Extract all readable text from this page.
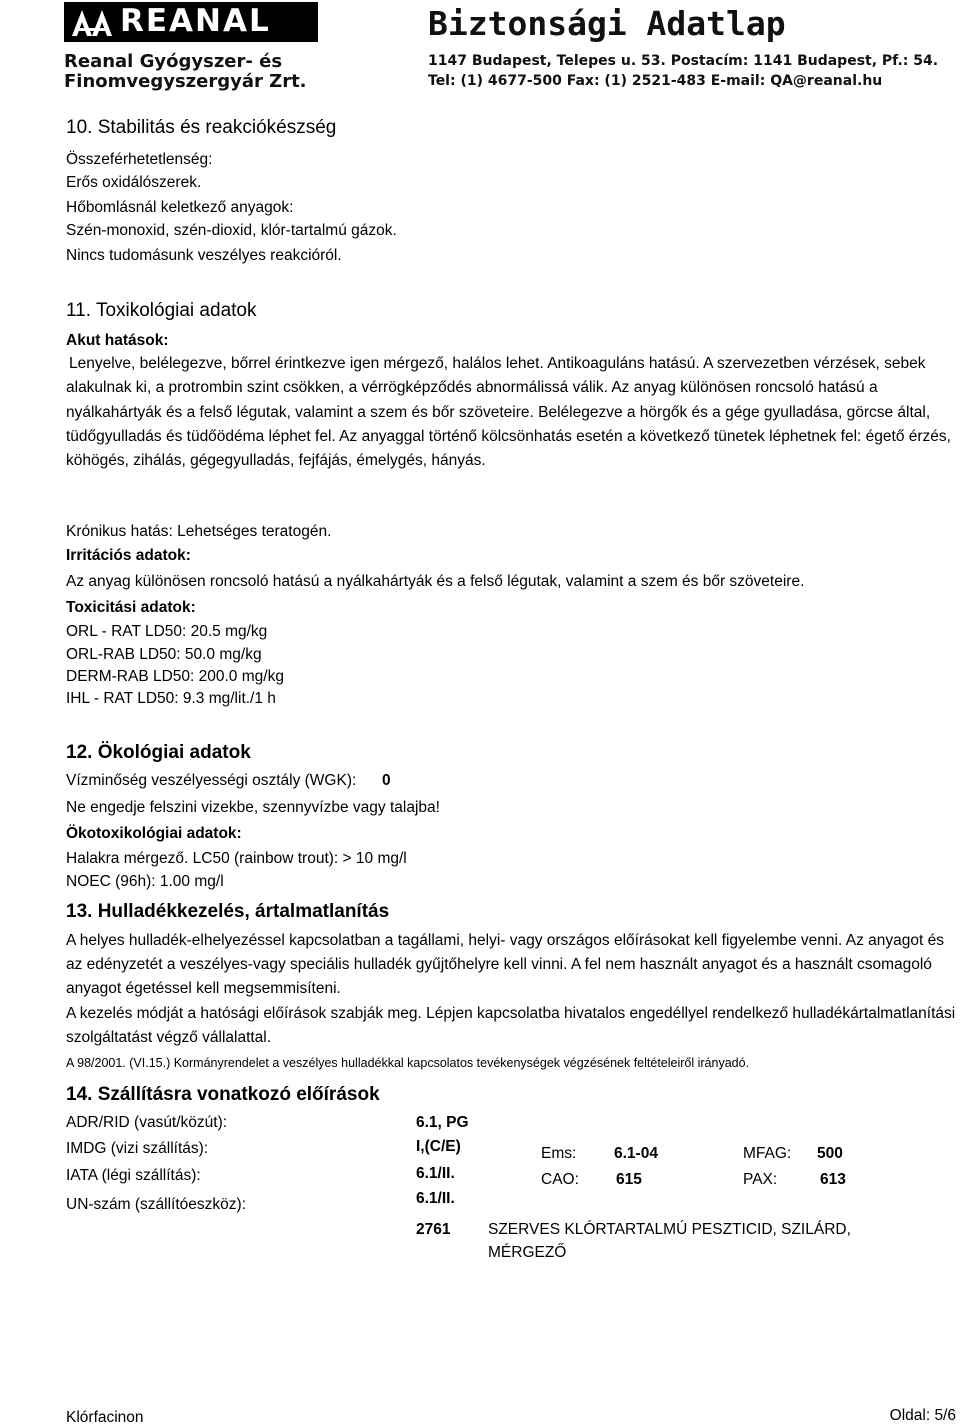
REANAL
Reanal Gyógyszer- és
Finomvegyszergyár Zrt.
Biztonsági Adatlap
1147 Budapest, Telepes u. 53. Postacím: 1141 Budapest, Pf.: 54.
Tel: (1) 4677-500 Fax: (1) 2521-483 E-mail: QA@reanal.hu
10. Stabilitás és reakciókészség
Összeférhetetlenség:
Erős oxidálószerek.
Hőbomlásnál keletkező anyagok:
Szén-monoxid, szén-dioxid, klór-tartalmú gázok.
Nincs tudomásunk veszélyes reakcióról.
11. Toxikológiai adatok
Akut hatások:
Lenyelve, belélegezve, bőrrel érintkezve igen mérgező, halálos lehet. Antikoaguláns hatású. A szervezetben vérzések, sebek alakulnak ki, a protrombin szint csökken, a vérrögképződés abnormálissá válik. Az anyag különösen roncsoló hatású a nyálkahártyák és a felső légutak, valamint a szem és bőr szöveteire. Belélegezve a hörgők és a gége gyulladása, görcse által, tüdőgyulladás és tüdőödéma léphet fel. Az anyaggal történő kölcsönhatás esetén a következő tünetek léphetnek fel: égető érzés, köhögés, zihálás, gégegyulladás, fejfájás, émelygés, hányás.
Krónikus hatás: Lehetséges teratogén.
Irritációs adatok:
Az anyag különösen roncsoló hatású a nyálkahártyák és a felső légutak, valamint a szem és bőr szöveteire.
Toxicitási adatok:
ORL - RAT LD50: 20.5 mg/kg
ORL-RAB LD50: 50.0 mg/kg
DERM-RAB LD50: 200.0 mg/kg
IHL - RAT LD50: 9.3 mg/lit./1 h
12. Ökológiai adatok
Vízminőség veszélyességi osztály (WGK): 0
Ne engedje felszini vizekbe, szennyvízbe vagy talajba!
Ökotoxikológiai adatok:
Halakra mérgező. LC50 (rainbow trout): > 10 mg/l
NOEC (96h): 1.00 mg/l
13. Hulladékkezelés, ártalmatlanítás
A helyes hulladék-elhelyezéssel kapcsolatban a tagállami, helyi- vagy országos előírásokat kell figyelembe venni. Az anyagot és az edényzetét a veszélyes-vagy speciális hulladék gyűjtőhelyre kell vinni. A fel nem használt anyagot és a használt csomagoló anyagot égetéssel kell megsemmisíteni.
A kezelés módját a hatósági előírások szabják meg. Lépjen kapcsolatba hivatalos engedéllyel rendelkező hulladékártalmatlanítási szolgáltatást végző vállalattal.
A 98/2001. (VI.15.) Kormányrendelet a veszélyes hulladékkal kapcsolatos tevékenységek végzésének feltételeiről irányadó.
14. Szállításra vonatkozó előírások
ADR/RID (vasút/közút):	6.1, PG
IMDG (vizi szállítás):	I,(C/E)	Ems: 6.1-04	MFAG: 500
IATA (légi szállítás):	6.1/II.	CAO: 615	PAX:	613
UN-szám (szállítóeszköz):	6.1/II.
2761 SZERVES KLÓRTARTALMÚ PESZTICID, SZILÁRD,
MÉRGEZŐ
Klórfacinon	Oldal: 5/6
